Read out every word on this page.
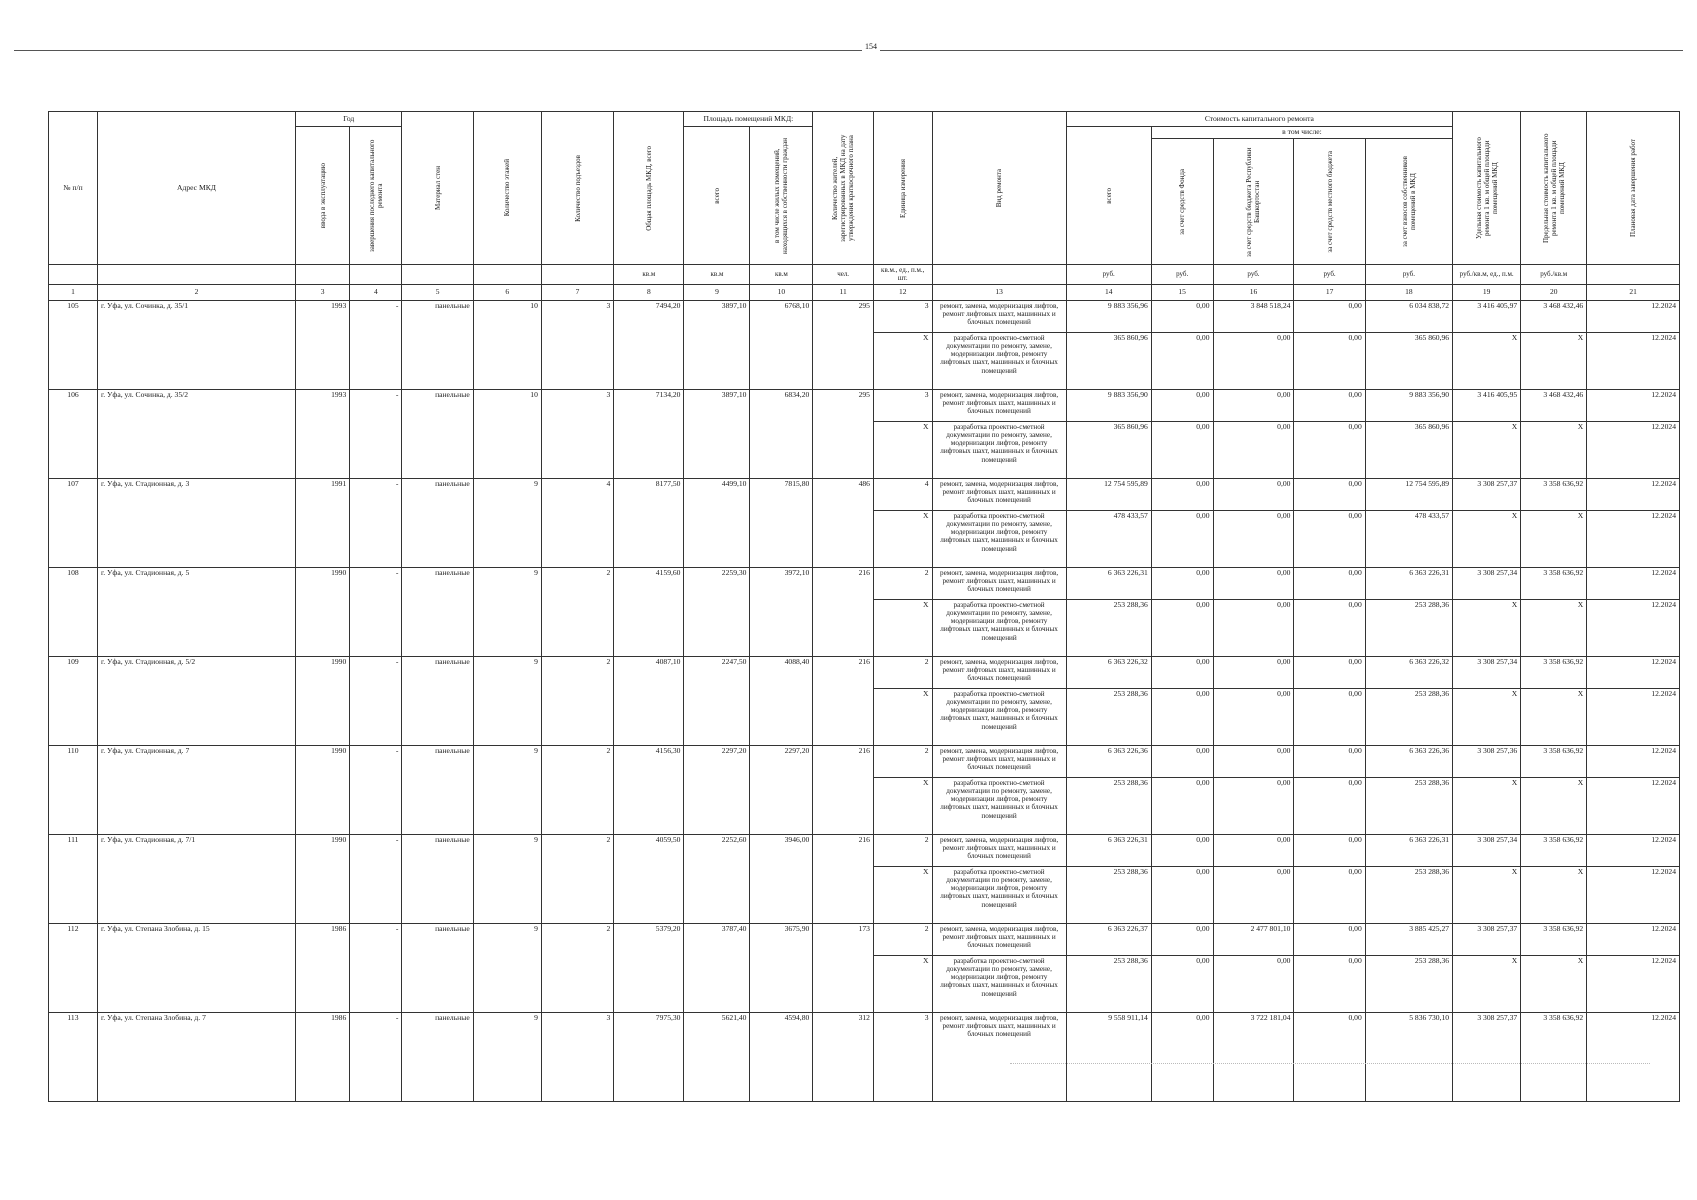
154
№ п/п	Адрес МКД	Год		Материал стен	Количество этажей	Количество подъездов	Общая площадь МКД, всего	Площадь помещений МКД:		Количество жителей, зарегистрированных в МКД на дату утверждения краткосрочного плана	Единица измерения	Вид ремонта	Стоимость капитального ремонта					Удельная стоимость капитального ремонта 1 кв. м общей площади помещений МКД	Предельная стоимость капитального ремонта 1 кв. м общей площади помещений МКД	Плановая дата завершения работ

		ввода в эксплуатацию	завершения последнего капитального ремонта					всего	в том числе жилых помещений, находящихся в собственности граждан				всего	в том числе:						

														за счет средств Фонда	за счет средств бюджета Республики Башкортостан	за счет средств местного бюджета	за счет взносов собственников помещений в МКД			

							кв.м	кв.м	кв.м	чел.	кв.м., ед., п.м., шт.		руб.	руб.	руб.	руб.	руб.	руб./кв.м, ед., п.м.	руб./кв.м	
1	2	3	4	5	6	7	8	9	10	11	12	13	14	15	16	17	18	19	20	21
105	г. Уфа, ул. Сочинка, д. 35/1	1993	-	панельные	10	3	7494,20	3897,10	6768,10	295	3	ремонт, замена, модернизация лифтов, ремонт лифтовых шахт, машинных и блочных помещений	9 883 356,96	0,00	3 848 518,24	0,00	6 034 838,72	3 416 405,97	3 468 432,46	12.2024
											X	разработка проектно-сметной документации по ремонту, замене, модернизации лифтов, ремонту лифтовых шахт, машинных и блочных помещений	365 860,96	0,00	0,00	0,00	365 860,96	X	X	12.2024
106	г. Уфа, ул. Сочинка, д. 35/2	1993	-	панельные	10	3	7134,20	3897,10	6834,20	295	3	ремонт, замена, модернизация лифтов, ремонт лифтовых шахт, машинных и блочных помещений	9 883 356,90	0,00	0,00	0,00	9 883 356,90	3 416 405,95	3 468 432,46	12.2024
											X	разработка проектно-сметной документации по ремонту, замене, модернизации лифтов, ремонту лифтовых шахт, машинных и блочных помещений	365 860,96	0,00	0,00	0,00	365 860,96	X	X	12.2024
107	г. Уфа, ул. Стадионная, д. 3	1991	-	панельные	9	4	8177,50	4499,10	7815,80	486	4	ремонт, замена, модернизация лифтов, ремонт лифтовых шахт, машинных и блочных помещений	12 754 595,89	0,00	0,00	0,00	12 754 595,89	3 308 257,37	3 358 636,92	12.2024
											X	разработка проектно-сметной документации по ремонту, замене, модернизации лифтов, ремонту лифтовых шахт, машинных и блочных помещений	478 433,57	0,00	0,00	0,00	478 433,57	X	X	12.2024
108	г. Уфа, ул. Стадионная, д. 5	1990	-	панельные	9	2	4159,60	2259,30	3972,10	216	2	ремонт, замена, модернизация лифтов, ремонт лифтовых шахт, машинных и блочных помещений	6 363 226,31	0,00	0,00	0,00	6 363 226,31	3 308 257,34	3 358 636,92	12.2024
											X	разработка проектно-сметной документации по ремонту, замене, модернизации лифтов, ремонту лифтовых шахт, машинных и блочных помещений	253 288,36	0,00	0,00	0,00	253 288,36	X	X	12.2024
109	г. Уфа, ул. Стадионная, д. 5/2	1990	-	панельные	9	2	4087,10	2247,50	4088,40	216	2	ремонт, замена, модернизация лифтов, ремонт лифтовых шахт, машинных и блочных помещений	6 363 226,32	0,00	0,00	0,00	6 363 226,32	3 308 257,34	3 358 636,92	12.2024
											X	разработка проектно-сметной документации по ремонту, замене, модернизации лифтов, ремонту лифтовых шахт, машинных и блочных помещений	253 288,36	0,00	0,00	0,00	253 288,36	X	X	12.2024
110	г. Уфа, ул. Стадионная, д. 7	1990	-	панельные	9	2	4156,30	2297,20	2297,20	216	2	ремонт, замена, модернизация лифтов, ремонт лифтовых шахт, машинных и блочных помещений	6 363 226,36	0,00	0,00	0,00	6 363 226,36	3 308 257,36	3 358 636,92	12.2024
											X	разработка проектно-сметной документации по ремонту, замене, модернизации лифтов, ремонту лифтовых шахт, машинных и блочных помещений	253 288,36	0,00	0,00	0,00	253 288,36	X	X	12.2024
111	г. Уфа, ул. Стадионная, д. 7/1	1990	-	панельные	9	2	4059,50	2252,60	3946,00	216	2	ремонт, замена, модернизация лифтов, ремонт лифтовых шахт, машинных и блочных помещений	6 363 226,31	0,00	0,00	0,00	6 363 226,31	3 308 257,34	3 358 636,92	12.2024
											X	разработка проектно-сметной документации по ремонту, замене, модернизации лифтов, ремонту лифтовых шахт, машинных и блочных помещений	253 288,36	0,00	0,00	0,00	253 288,36	X	X	12.2024
112	г. Уфа, ул. Степана Злобина, д. 15	1986	-	панельные	9	2	5379,20	3787,40	3675,90	173	2	ремонт, замена, модернизация лифтов, ремонт лифтовых шахт, машинных и блочных помещений	6 363 226,37	0,00	2 477 801,10	0,00	3 885 425,27	3 308 257,37	3 358 636,92	12.2024
											X	разработка проектно-сметной документации по ремонту, замене, модернизации лифтов, ремонту лифтовых шахт, машинных и блочных помещений	253 288,36	0,00	0,00	0,00	253 288,36	X	X	12.2024
113	г. Уфа, ул. Степана Злобина, д. 7	1986	-	панельные	9	3	7975,30	5621,40	4594,80	312	3	ремонт, замена, модернизация лифтов, ремонт лифтовых шахт, машинных и блочных помещений	9 558 911,14	0,00	3 722 181,04	0,00	5 836 730,10	3 308 257,37	3 358 636,92	12.2024
